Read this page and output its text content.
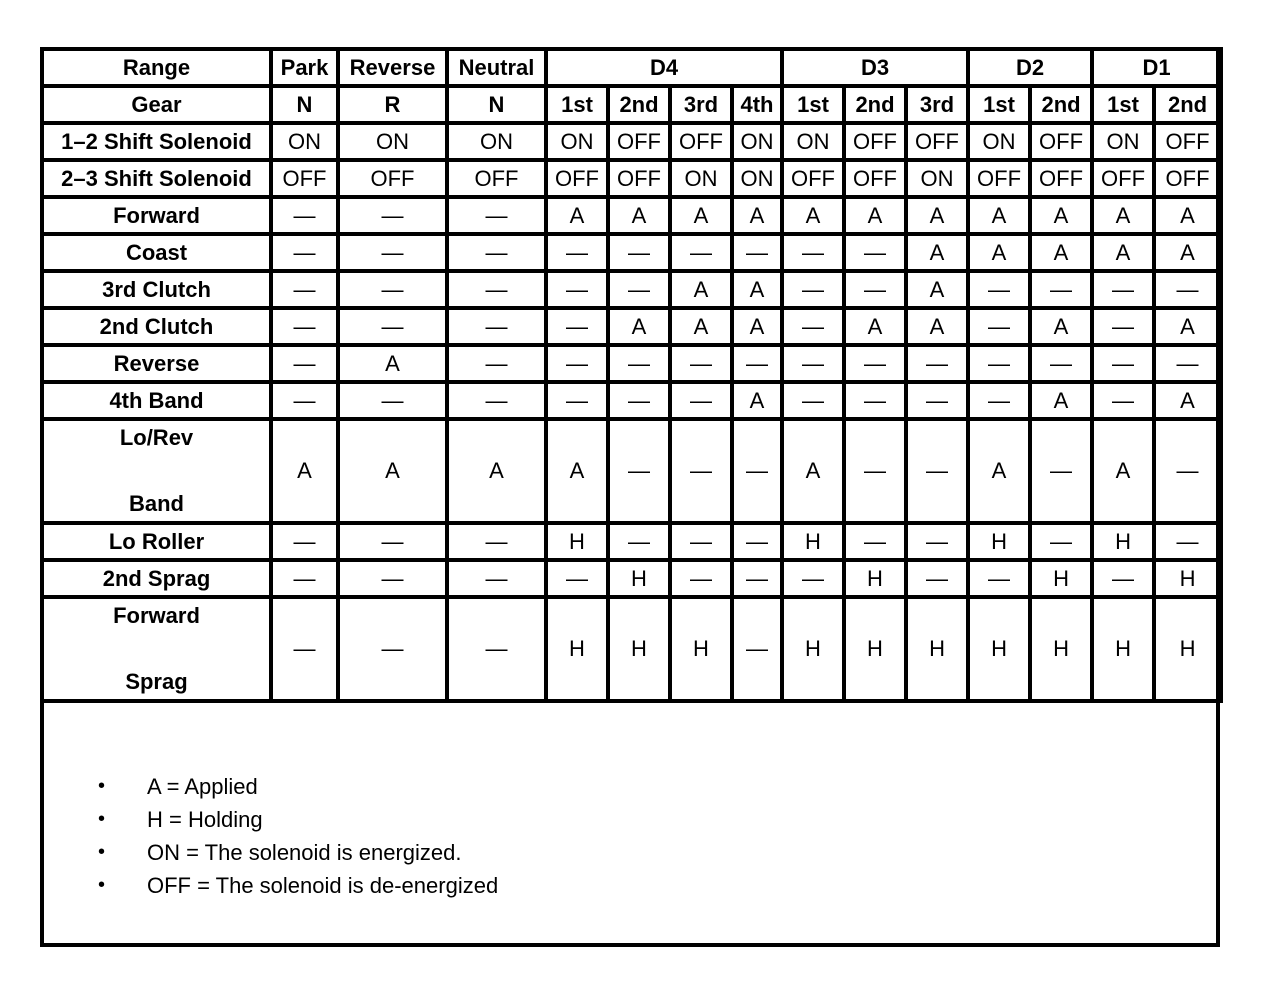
Range	Park	Reverse	Neutral	D4				D3			D2		D1	
Gear	N	R	N	1st	2nd	3rd	4th	1st	2nd	3rd	1st	2nd	1st	2nd
1–2 Shift Solenoid	ON	ON	ON	ON	OFF	OFF	ON	ON	OFF	OFF	ON	OFF	ON	OFF
2–3 Shift Solenoid	OFF	OFF	OFF	OFF	OFF	ON	ON	OFF	OFF	ON	OFF	OFF	OFF	OFF
Forward	—	—	—	A	A	A	A	A	A	A	A	A	A	A
Coast	—	—	—	—	—	—	—	—	—	A	A	A	A	A
3rd Clutch	—	—	—	—	—	A	A	—	—	A	—	—	—	—
2nd Clutch	—	—	—	—	A	A	A	—	A	A	—	A	—	A
Reverse	—	A	—	—	—	—	—	—	—	—	—	—	—	—
4th Band	—	—	—	—	—	—	A	—	—	—	—	A	—	A

Lo/Rev
Band	A	A	A	A	—	—	—	A	—	—	A	—	A	—
Lo Roller	—	—	—	H	—	—	—	H	—	—	H	—	H	—
2nd Sprag	—	—	—	—	H	—	—	—	H	—	—	H	—	H

Forward
Sprag	—	—	—	H	H	H	—	H	H	H	H	H	H	H
• A = Applied
• H = Holding
• ON = The solenoid is energized.
• OFF = The solenoid is de-energized
